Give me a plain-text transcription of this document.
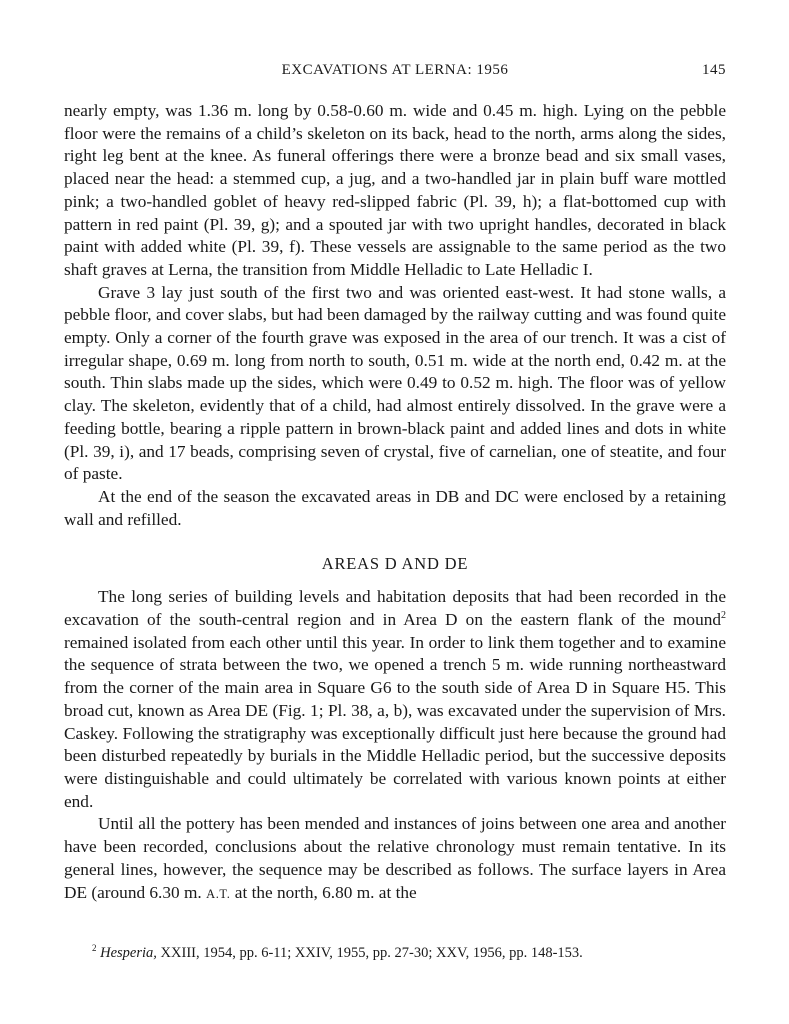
EXCAVATIONS AT LERNA: 1956	145

nearly empty, was 1.36 m. long by 0.58-0.60 m. wide and 0.45 m. high. Lying on the pebble floor were the remains of a child’s skeleton on its back, head to the north, arms along the sides, right leg bent at the knee. As funeral offerings there were a bronze bead and six small vases, placed near the head: a stemmed cup, a jug, and a two-handled jar in plain buff ware mottled pink; a two-handled goblet of heavy red-slipped fabric (Pl. 39, h); a flat-bottomed cup with pattern in red paint (Pl. 39, g); and a spouted jar with two upright handles, decorated in black paint with added white (Pl. 39, f). These vessels are assignable to the same period as the two shaft graves at Lerna, the transition from Middle Helladic to Late Helladic I.

Grave 3 lay just south of the first two and was oriented east-west. It had stone walls, a pebble floor, and cover slabs, but had been damaged by the railway cutting and was found quite empty. Only a corner of the fourth grave was exposed in the area of our trench. It was a cist of irregular shape, 0.69 m. long from north to south, 0.51 m. wide at the north end, 0.42 m. at the south. Thin slabs made up the sides, which were 0.49 to 0.52 m. high. The floor was of yellow clay. The skeleton, evidently that of a child, had almost entirely dissolved. In the grave were a feeding bottle, bearing a ripple pattern in brown-black paint and added lines and dots in white (Pl. 39, i), and 17 beads, comprising seven of crystal, five of carnelian, one of steatite, and four of paste.

At the end of the season the excavated areas in DB and DC were enclosed by a retaining wall and refilled.

AREAS D AND DE

The long series of building levels and habitation deposits that had been recorded in the excavation of the south-central region and in Area D on the eastern flank of the mound$^2$ remained isolated from each other until this year. In order to link them together and to examine the sequence of strata between the two, we opened a trench 5 m. wide running northeastward from the corner of the main area in Square G6 to the south side of Area D in Square H5. This broad cut, known as Area DE (Fig. 1; Pl. 38, a, b), was excavated under the supervision of Mrs. Caskey. Following the stratigraphy was exceptionally difficult just here because the ground had been disturbed repeatedly by burials in the Middle Helladic period, but the successive deposits were distinguishable and could ultimately be correlated with various known points at either end.

Until all the pottery has been mended and instances of joins between one area and another have been recorded, conclusions about the relative chronology must remain tentative. In its general lines, however, the sequence may be described as follows. The surface layers in Area DE (around 6.30 m. A.T. at the north, 6.80 m. at the

$^2$ Hesperia, XXIII, 1954, pp. 6-11; XXIV, 1955, pp. 27-30; XXV, 1956, pp. 148-153.
